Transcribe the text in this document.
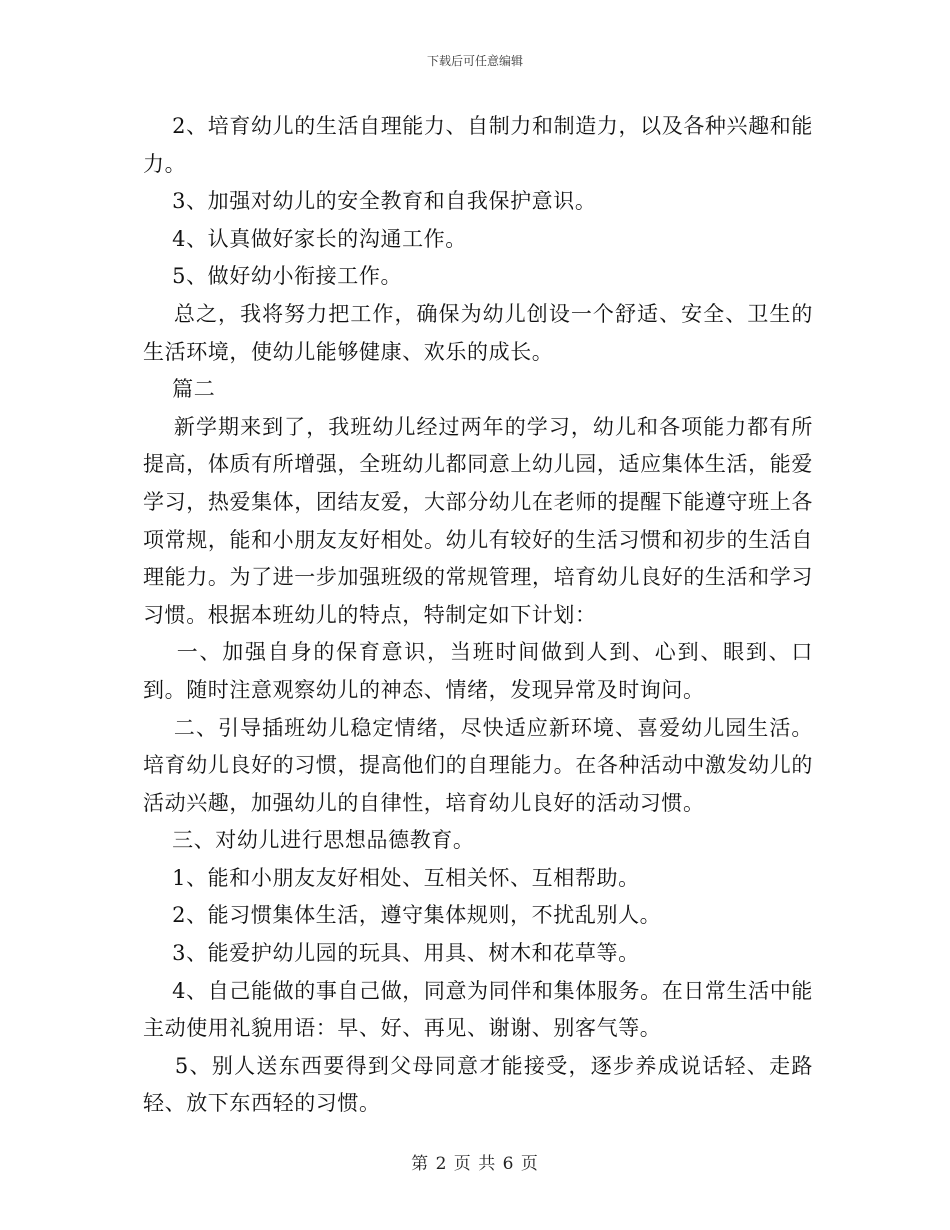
下载后可任意编辑

2、培育幼儿的生活自理能力、自制力和制造力，以及各种兴趣和能力。

3、加强对幼儿的安全教育和自我保护意识。

4、认真做好家长的沟通工作。

5、做好幼小衔接工作。

总之，我将努力把工作，确保为幼儿创设一个舒适、安全、卫生的生活环境，使幼儿能够健康、欢乐的成长。

篇二

新学期来到了，我班幼儿经过两年的学习，幼儿和各项能力都有所提高，体质有所增强，全班幼儿都同意上幼儿园，适应集体生活，能爱学习，热爱集体，团结友爱，大部分幼儿在老师的提醒下能遵守班上各项常规，能和小朋友友好相处。幼儿有较好的生活习惯和初步的生活自理能力。为了进一步加强班级的常规管理，培育幼儿良好的生活和学习习惯。根据本班幼儿的特点，特制定如下计划：

一、加强自身的保育意识，当班时间做到人到、心到、眼到、口到。随时注意观察幼儿的神态、情绪，发现异常及时询问。

二、引导插班幼儿稳定情绪，尽快适应新环境、喜爱幼儿园生活。培育幼儿良好的习惯，提高他们的自理能力。在各种活动中激发幼儿的活动兴趣，加强幼儿的自律性，培育幼儿良好的活动习惯。

三、对幼儿进行思想品德教育。

1、能和小朋友友好相处、互相关怀、互相帮助。

2、能习惯集体生活，遵守集体规则，不扰乱别人。

3、能爱护幼儿园的玩具、用具、树木和花草等。

4、自己能做的事自己做，同意为同伴和集体服务。在日常生活中能主动使用礼貌用语：早、好、再见、谢谢、别客气等。

5、别人送东西要得到父母同意才能接受，逐步养成说话轻、走路轻、放下东西轻的习惯。

第 2 页 共 6 页
